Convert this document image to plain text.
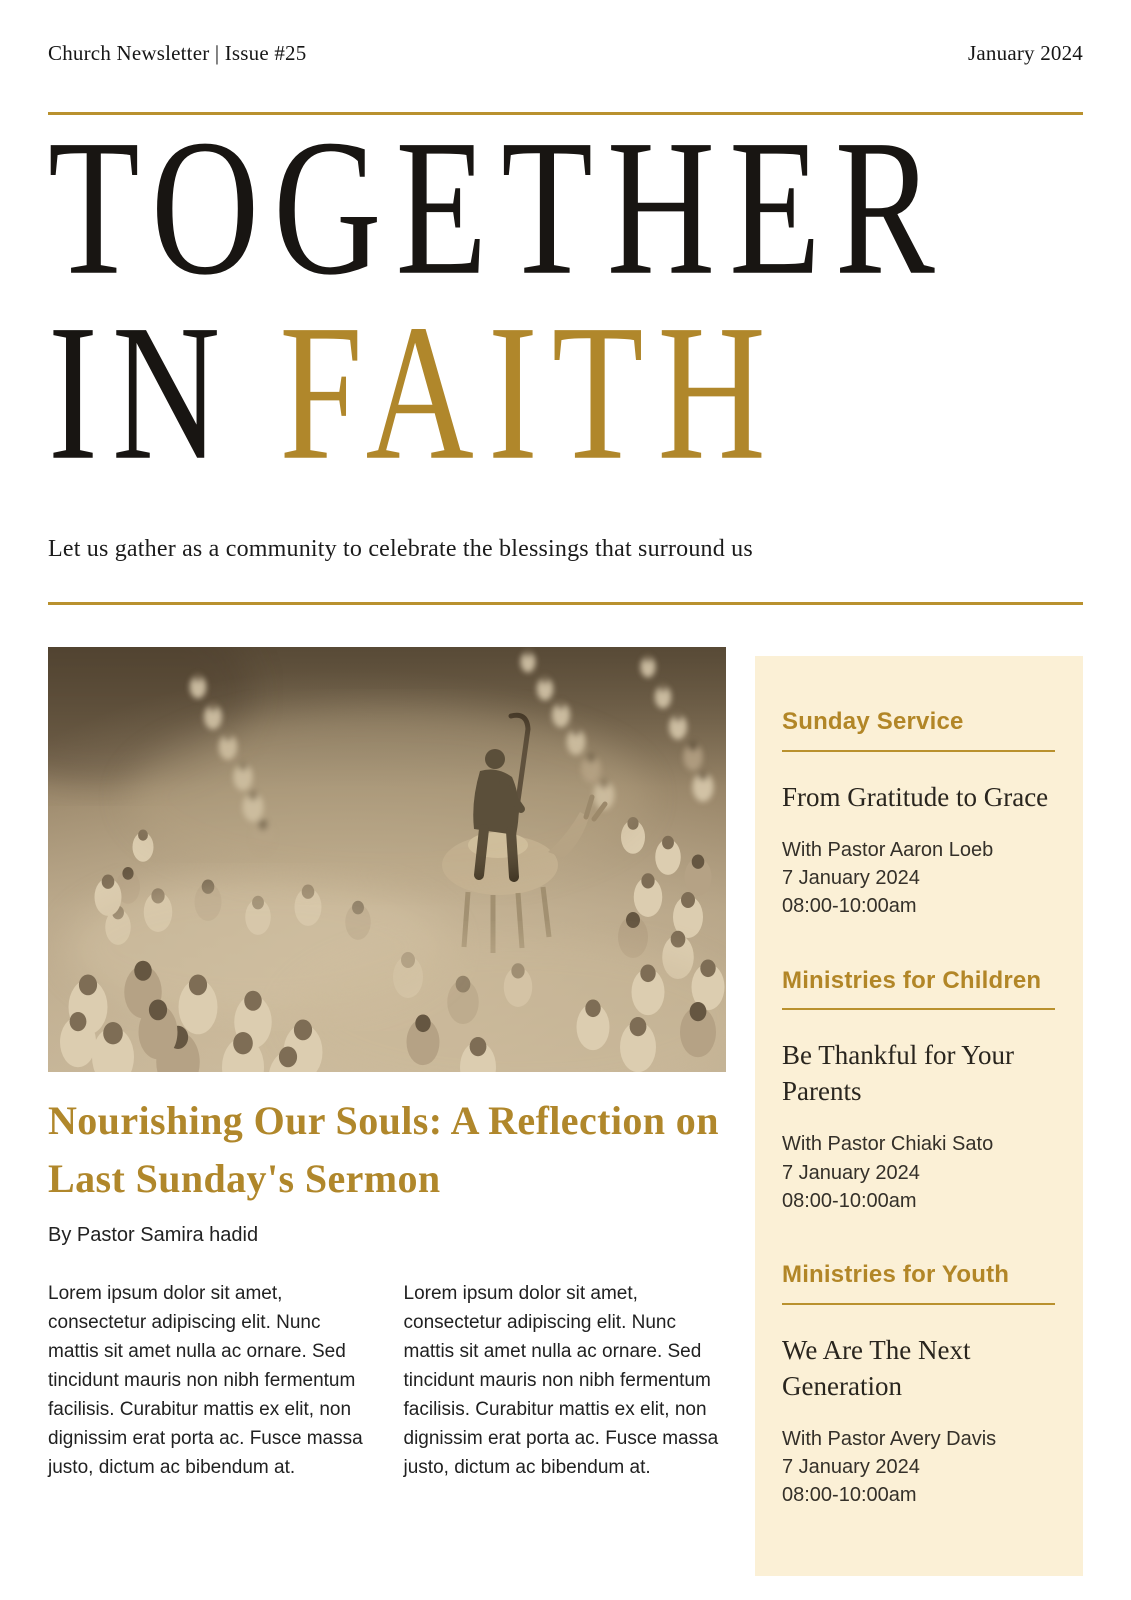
Church Newsletter | Issue #25	January 2024
TOGETHER
IN FAITH
Let us gather as a community to celebrate the blessings that surround us
Nourishing Our Souls: A Reflection on Last Sunday's Sermon
By Pastor Samira hadid

Lorem ipsum dolor sit amet, consectetur adipiscing elit. Nunc mattis sit amet nulla ac ornare. Sed tincidunt mauris non nibh fermentum facilisis. Curabitur mattis ex elit, non dignissim erat porta ac. Fusce massa justo, dictum ac bibendum at.

Lorem ipsum dolor sit amet, consectetur adipiscing elit. Nunc mattis sit amet nulla ac ornare. Sed tincidunt mauris non nibh fermentum facilisis. Curabitur mattis ex elit, non dignissim erat porta ac. Fusce massa justo, dictum ac bibendum at.

Sunday Service
From Gratitude to Grace
With Pastor Aaron Loeb
7 January 2024
08:00-10:00am
Ministries for Children
Be Thankful for Your Parents
With Pastor Chiaki Sato
7 January 2024
08:00-10:00am
Ministries for Youth
We Are The Next Generation
With Pastor Avery Davis
7 January 2024
08:00-10:00am
